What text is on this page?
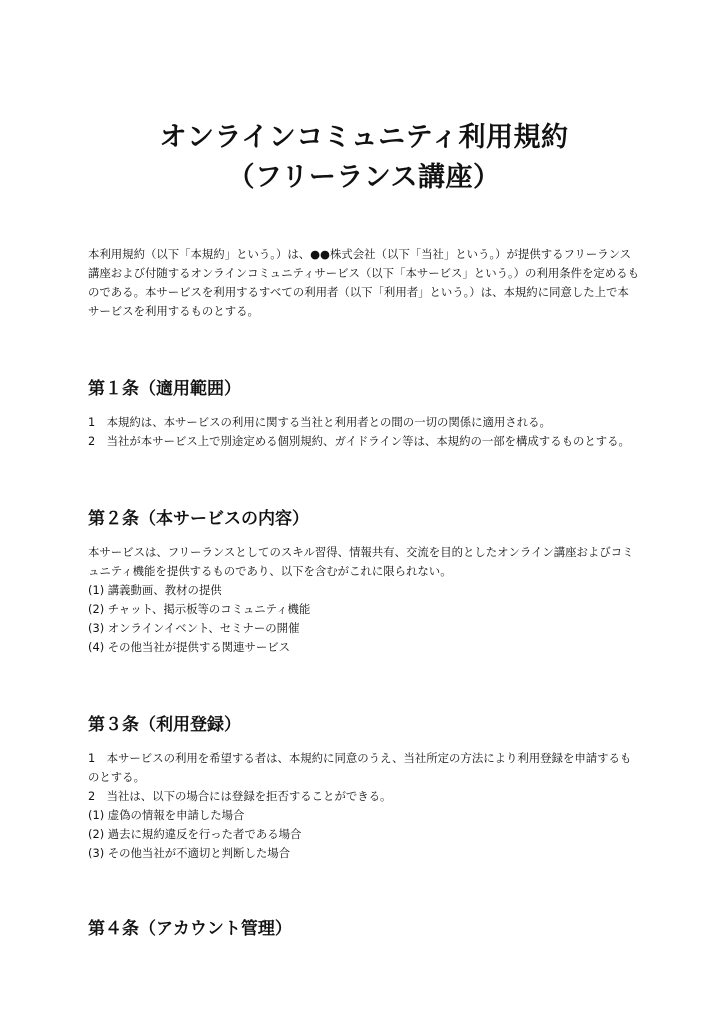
オンラインコミュニティ利用規約
（フリーランス講座）

本利用規約（以下「本規約」という。）は、●●株式会社（以下「当社」という。）が提供するフリーランス講座および付随するオンラインコミュニティサービス（以下「本サービス」という。）の利用条件を定めるものである。本サービスを利用するすべての利用者（以下「利用者」という。）は、本規約に同意した上で本サービスを利用するものとする。

第１条（適用範囲）

1　本規約は、本サービスの利用に関する当社と利用者との間の一切の関係に適用される。

2　当社が本サービス上で別途定める個別規約、ガイドライン等は、本規約の一部を構成するものとする。

第２条（本サービスの内容）

本サービスは、フリーランスとしてのスキル習得、情報共有、交流を目的としたオンライン講座およびコミュニティ機能を提供するものであり、以下を含むがこれに限られない。

(1) 講義動画、教材の提供

(2) チャット、掲示板等のコミュニティ機能

(3) オンラインイベント、セミナーの開催

(4) その他当社が提供する関連サービス

第３条（利用登録）

1　本サービスの利用を希望する者は、本規約に同意のうえ、当社所定の方法により利用登録を申請するものとする。

2　当社は、以下の場合には登録を拒否することができる。

(1) 虚偽の情報を申請した場合

(2) 過去に規約違反を行った者である場合

(3) その他当社が不適切と判断した場合

第４条（アカウント管理）
